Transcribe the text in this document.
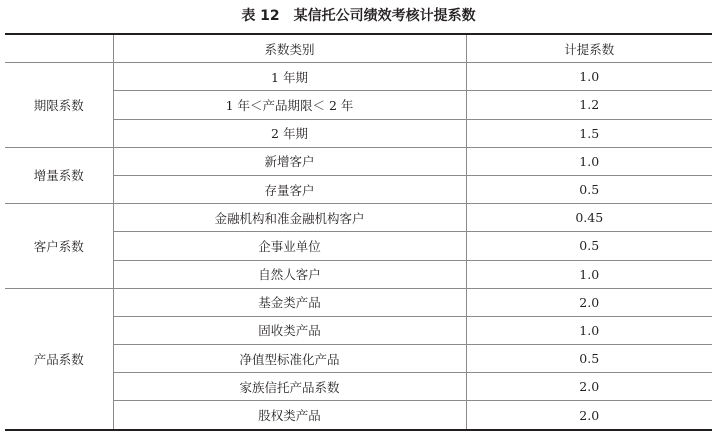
表 12 某信托公司绩效考核计提系数
	系数类别	计提系数
期限系数	1 年期	1.0
	1 年＜产品期限＜ 2 年	1.2
	2 年期	1.5
增量系数	新增客户	1.0
	存量客户	0.5
客户系数	金融机构和准金融机构客户	0.45
	企事业单位	0.5
	自然人客户	1.0
产品系数	基金类产品	2.0
	固收类产品	1.0
	净值型标准化产品	0.5
	家族信托产品系数	2.0
	股权类产品	2.0
